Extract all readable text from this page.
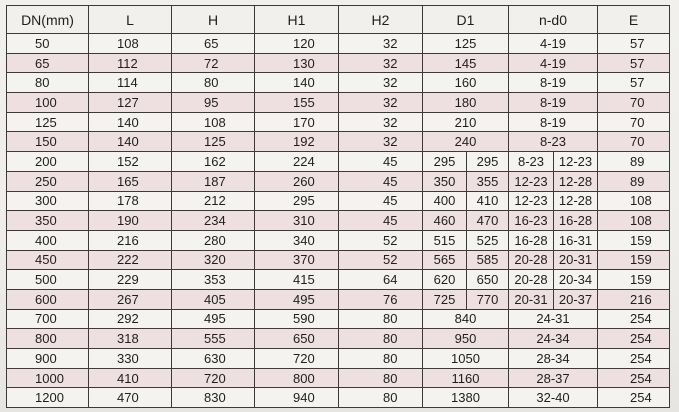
DN(mm)	L	H	H1	H2	D1		n-d0		E
50	108	65	120	32	125		4-19		57
65	112	72	130	32	145		4-19		57
80	114	80	140	32	160		8-19		57
100	127	95	155	32	180		8-19		70
125	140	108	170	32	210		8-19		70
150	140	125	192	32	240		8-23		70
200	152	162	224	45	295	295	8-23	12-23	89
250	165	187	260	45	350	355	12-23	12-28	89
300	178	212	295	45	400	410	12-23	12-28	108
350	190	234	310	45	460	470	16-23	16-28	108
400	216	280	340	52	515	525	16-28	16-31	159
450	222	320	370	52	565	585	20-28	20-31	159
500	229	353	415	64	620	650	20-28	20-34	159
600	267	405	495	76	725	770	20-31	20-37	216
700	292	495	590	80	840		24-31		254
800	318	555	650	80	950		24-34		254
900	330	630	720	80	1050		28-34		254
1000	410	720	800	80	1160		28-37		254
1200	470	830	940	80	1380		32-40		254
